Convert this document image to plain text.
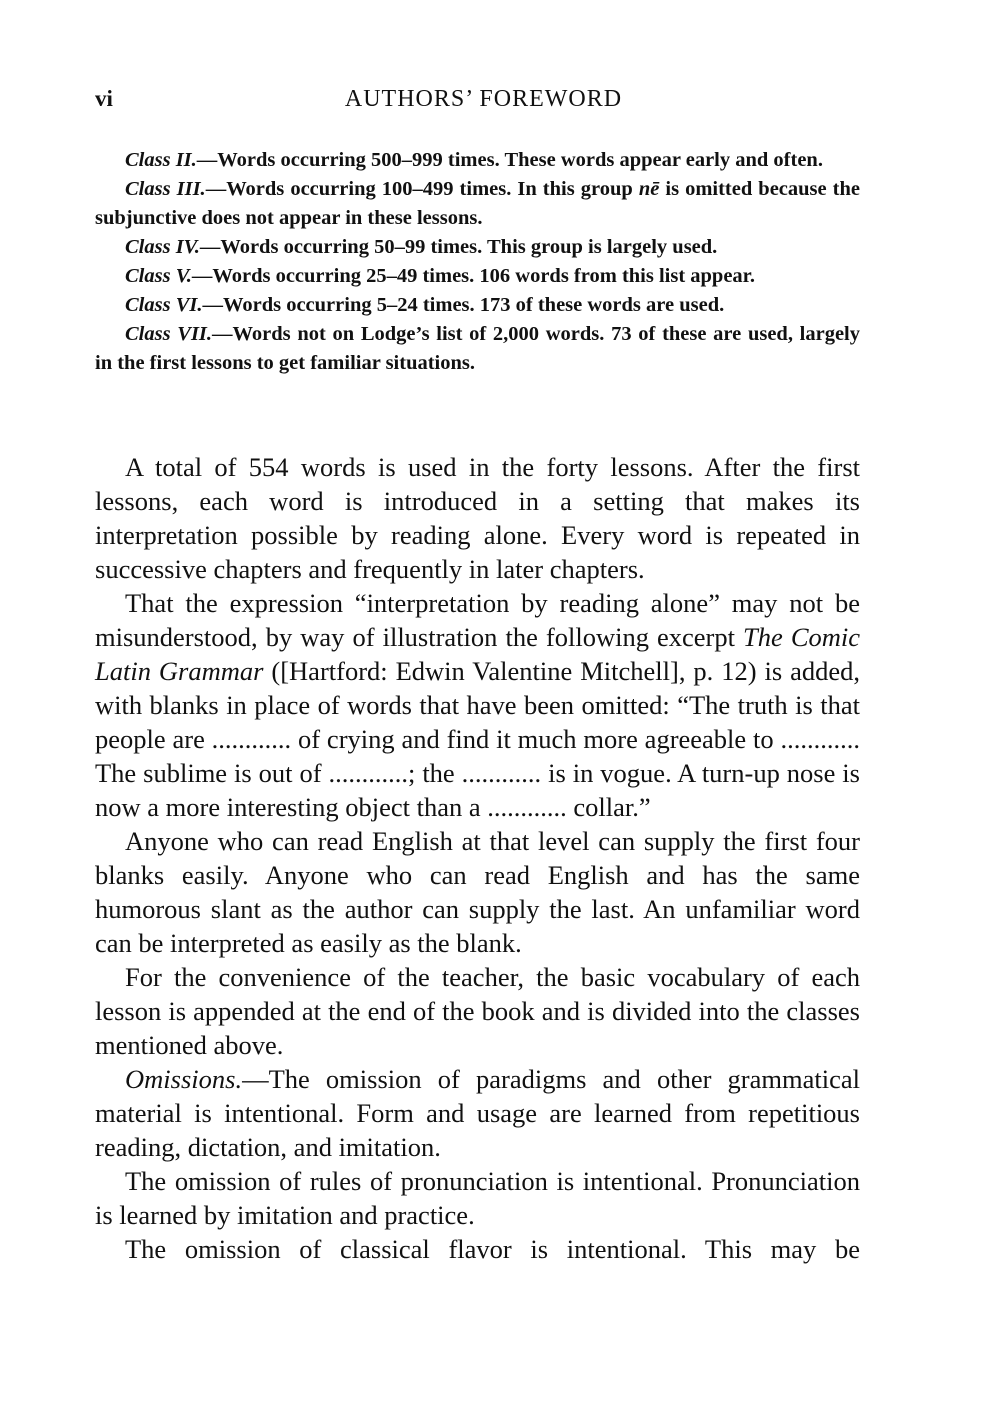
vi	AUTHORS’ FOREWORD

Class II.—Words occurring 500–999 times. These words appear early and often.

Class III.—Words occurring 100–499 times. In this group nē is omitted because the subjunctive does not appear in these lessons.

Class IV.—Words occurring 50–99 times. This group is largely used.

Class V.—Words occurring 25–49 times. 106 words from this list appear.

Class VI.—Words occurring 5–24 times. 173 of these words are used.

Class VII.—Words not on Lodge’s list of 2,000 words. 73 of these are used, largely in the first lessons to get familiar situations.

A total of 554 words is used in the forty lessons. After the first lessons, each word is introduced in a setting that makes its interpretation possible by reading alone. Every word is repeated in successive chapters and frequently in later chapters.

That the expression “interpretation by reading alone” may not be misunderstood, by way of illustration the following excerpt The Comic Latin Grammar ([Hartford: Edwin Valentine Mitchell], p. 12) is added, with blanks in place of words that have been omitted: “The truth is that people are ............ of crying and find it much more agreeable to ............ The sublime is out of ............; the ............ is in vogue. A turn-up nose is now a more interesting object than a ............ collar.”

Anyone who can read English at that level can supply the first four blanks easily. Anyone who can read English and has the same humorous slant as the author can supply the last. An unfamiliar word can be interpreted as easily as the blank.

For the convenience of the teacher, the basic vocabulary of each lesson is appended at the end of the book and is divided into the classes mentioned above.

Omissions.—The omission of paradigms and other grammatical material is intentional. Form and usage are learned from repetitious reading, dictation, and imitation.

The omission of rules of pronunciation is intentional. Pronunciation is learned by imitation and practice.

The omission of classical flavor is intentional. This may be
